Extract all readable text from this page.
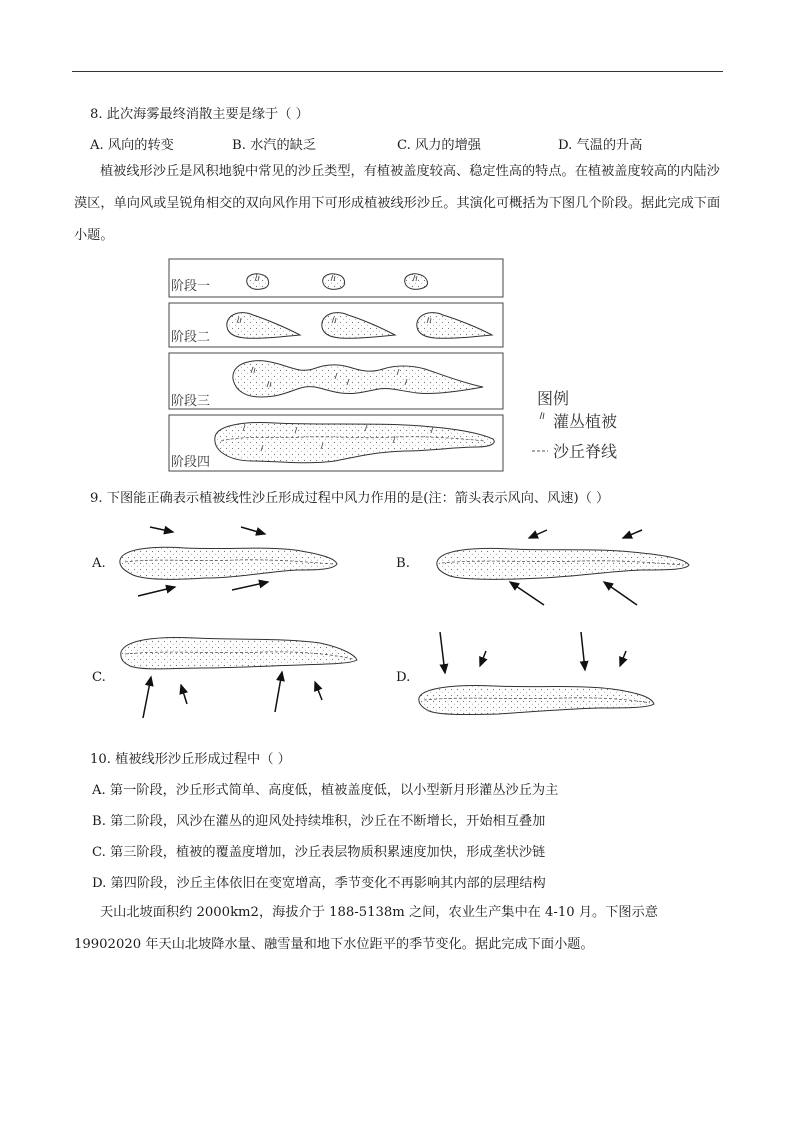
8. 此次海雾最终消散主要是缘于（ ）
A. 风向的转变	B. 水汽的缺乏	C. 风力的增强	D. 气温的升高
植被线形沙丘是风积地貌中常见的沙丘类型，有植被盖度较高、稳定性高的特点。在植被盖度较高的内陆沙漠区，单向风或呈锐角相交的双向风作用下可形成植被线形沙丘。其演化可概括为下图几个阶段。据此完成下面小题。
阶段一
阶段二
阶段三
阶段四
图例
灌丛植被
沙丘脊线
9. 下图能正确表示植被线性沙丘形成过程中风力作用的是(注：箭头表示风向、风速)（ ）
A.	B.
C.	D.
10. 植被线形沙丘形成过程中（ ）
A. 第一阶段，沙丘形式简单、高度低，植被盖度低，以小型新月形灌丛沙丘为主
B. 第二阶段，风沙在灌丛的迎风处持续堆积，沙丘在不断增长，开始相互叠加
C. 第三阶段，植被的覆盖度增加，沙丘表层物质积累速度加快，形成垄状沙链
D. 第四阶段，沙丘主体依旧在变宽增高，季节变化不再影响其内部的层理结构
天山北坡面积约 2000km2，海拔介于 188-5138m 之间，农业生产集中在 4-10 月。下图示意 19902020 年天山北坡降水量、融雪量和地下水位距平的季节变化。据此完成下面小题。
